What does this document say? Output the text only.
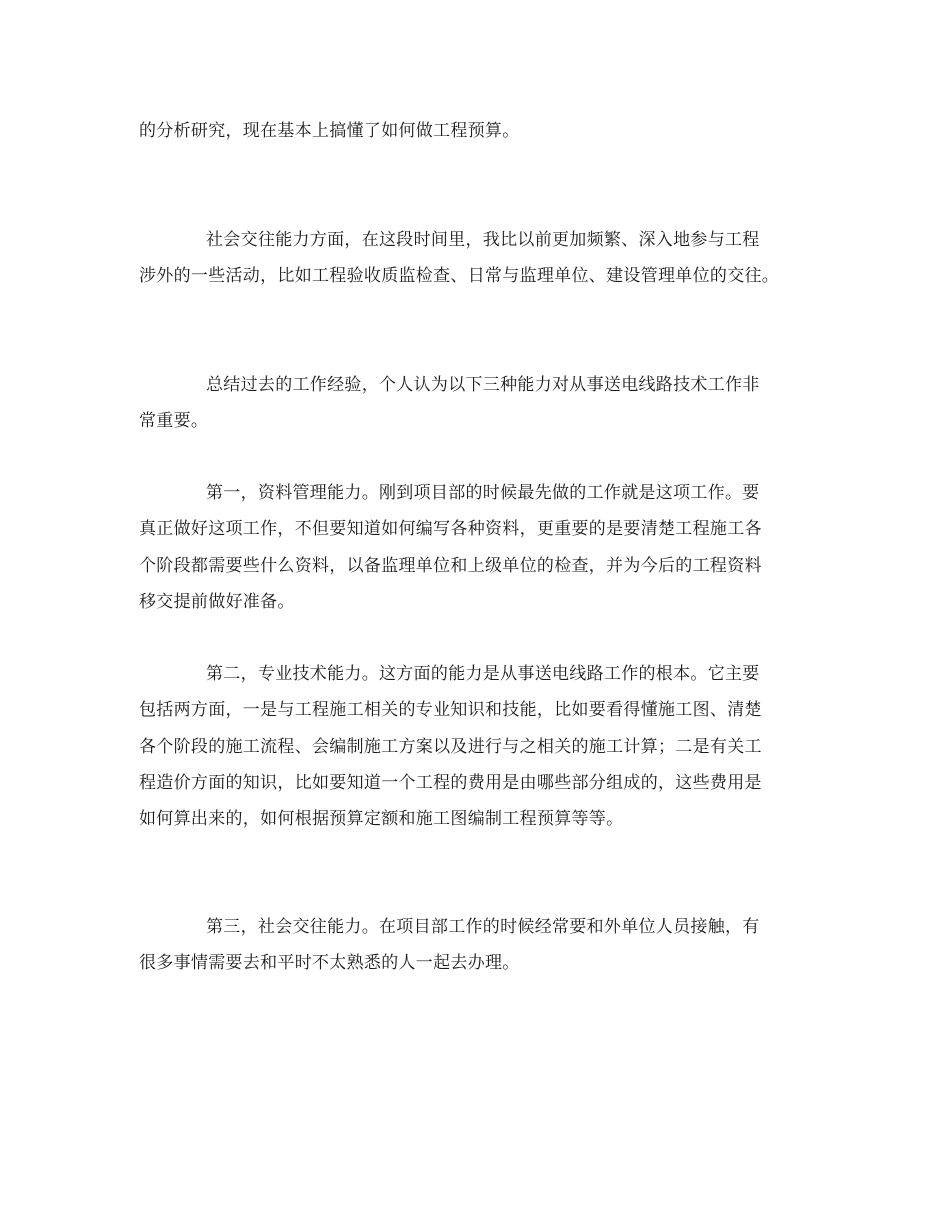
的分析研究，现在基本上搞懂了如何做工程预算。
社会交往能力方面，在这段时间里，我比以前更加频繁、深入地参与工程
涉外的一些活动，比如工程验收质监检查、日常与监理单位、建设管理单位的交往。
总结过去的工作经验，个人认为以下三种能力对从事送电线路技术工作非
常重要。
第一，资料管理能力。刚到项目部的时候最先做的工作就是这项工作。要
真正做好这项工作，不但要知道如何编写各种资料，更重要的是要清楚工程施工各
个阶段都需要些什么资料，以备监理单位和上级单位的检查，并为今后的工程资料
移交提前做好准备。
第二，专业技术能力。这方面的能力是从事送电线路工作的根本。它主要
包括两方面，一是与工程施工相关的专业知识和技能，比如要看得懂施工图、清楚
各个阶段的施工流程、会编制施工方案以及进行与之相关的施工计算；二是有关工
程造价方面的知识，比如要知道一个工程的费用是由哪些部分组成的，这些费用是
如何算出来的，如何根据预算定额和施工图编制工程预算等等。
第三，社会交往能力。在项目部工作的时候经常要和外单位人员接触，有
很多事情需要去和平时不太熟悉的人一起去办理。
